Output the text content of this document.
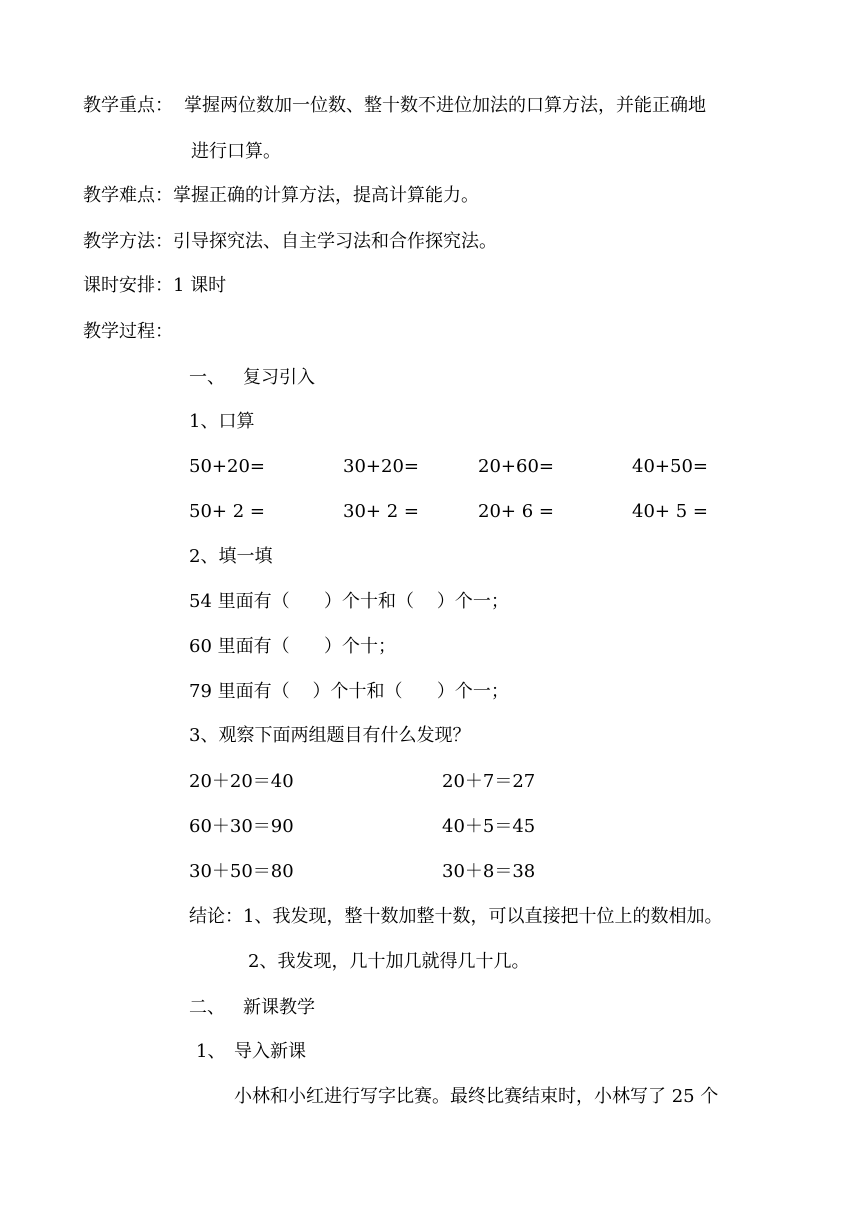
教学重点： 掌握两位数加一位数、整十数不进位加法的口算方法，并能正确地
进行口算。
教学难点：掌握正确的计算方法，提高计算能力。
教学方法：引导探究法、自主学习法和合作探究法。
课时安排：1 课时
教学过程：
一、 复习引入
1、口算
50+20=	30+20=	20+60=	40+50=
50+ 2 =	30+ 2 =	20+ 6 =	40+ 5 =
2、填一填
54 里面有（      ）个十和（    ）个一；
60 里面有（      ）个十；
79 里面有（    ）个十和（      ）个一；
3、观察下面两组题目有什么发现？
20＋20＝40	20＋7＝27
60＋30＝90	40＋5＝45
30＋50＝80	30＋8＝38
结论：1、我发现，整十数加整十数，可以直接把十位上的数相加。
2、我发现，几十加几就得几十几。
二、 新课教学
1、 导入新课
小林和小红进行写字比赛。最终比赛结束时，小林写了 25 个
